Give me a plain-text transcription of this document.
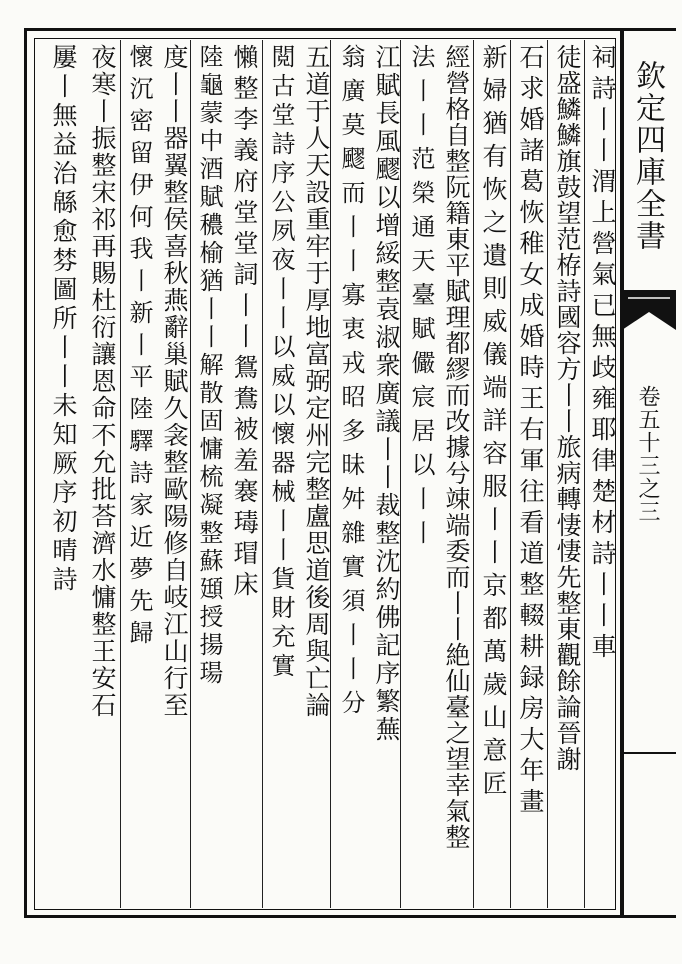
欽定四庫全書
卷五十三之三
祠詩丨丨渭上營氣已無歧雍耶律楚材詩丨丨車
徒盛鱗鱗旗鼓望范栫詩國容方丨丨旅病轉悽悽先整東觀餘論晉謝
石求婚諸葛恢稚女成婚時王右軍往看道整輟耕録房大年畫
新婦猶有恢之遺則威儀端詳容服丨丨京都萬歲山意匠
經營格自整阮籍東平賦理都繆而改據兮竦端委而丨丨絶仙臺之望幸氣整
法丨丨范榮通天臺賦儼宸居以丨丨
江賦長風飂以增綏整袁淑衆廣議丨丨裁整沈約佛記序繁蕪
翁廣莫飂而丨丨寡衷戎昭多昧舛雜實須丨丨分
五道于人天設重牢于厚地富弼定州完整盧思道後周與亡論
閲古堂詩序公夙夜丨丨以威以懷器械丨丨貨財充實
懶整李義府堂堂詞丨丨鴛鴦被羞褰瑇瑁床
陸龜蒙中酒賦穠榆猶丨丨解散固慵梳凝整蘇頲授揚瑒
度丨丨器翼整侯喜秋燕辭巢賦久衾整歐陽修自岐江山行至
懷沉密留伊何我丨新丨平陸驛詩家近夢先歸
夜寒丨振整宋祁再賜杜衍讓恩命不允批荅濟水慵整王安石
屢丨無益治緜愈棼圖所丨丨未知厥序初晴詩
